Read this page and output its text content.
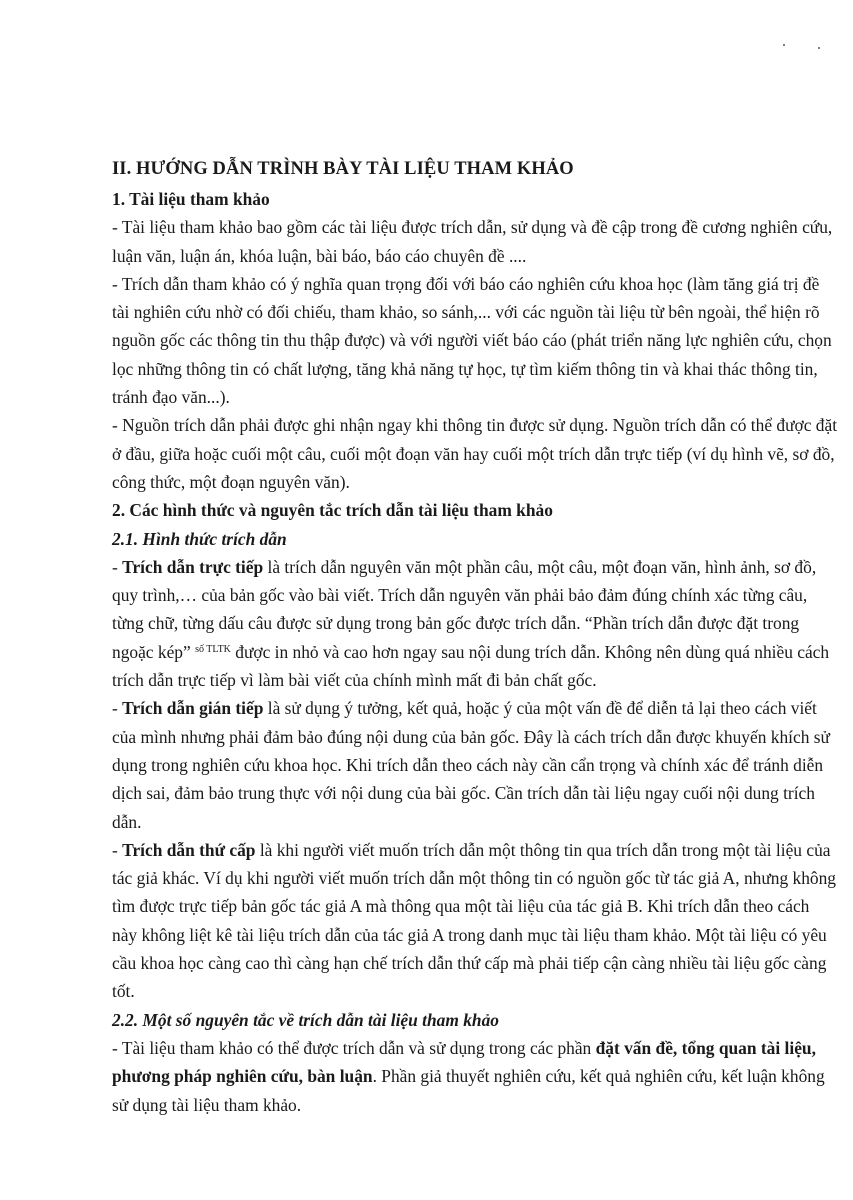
II. HƯỚNG DẪN TRÌNH BÀY TÀI LIỆU THAM KHẢO
1. Tài liệu tham khảo

- Tài liệu tham khảo bao gồm các tài liệu được trích dẫn, sử dụng và đề cập trong đề cương nghiên cứu, luận văn, luận án, khóa luận, bài báo, báo cáo chuyên đề ....

- Trích dẫn tham khảo có ý nghĩa quan trọng đối với báo cáo nghiên cứu khoa học (làm tăng giá trị đề tài nghiên cứu nhờ có đối chiếu, tham khảo, so sánh,... với các nguồn tài liệu từ bên ngoài, thể hiện rõ nguồn gốc các thông tin thu thập được) và với người viết báo cáo (phát triển năng lực nghiên cứu, chọn lọc những thông tin có chất lượng, tăng khả năng tự học, tự tìm kiếm thông tin và khai thác thông tin, tránh đạo văn...).

- Nguồn trích dẫn phải được ghi nhận ngay khi thông tin được sử dụng. Nguồn trích dẫn có thể được đặt ở đầu, giữa hoặc cuối một câu, cuối một đoạn văn hay cuối một trích dẫn trực tiếp (ví dụ hình vẽ, sơ đồ, công thức, một đoạn nguyên văn).

2. Các hình thức và nguyên tắc trích dẫn tài liệu tham khảo
2.1. Hình thức trích dẫn

- Trích dẫn trực tiếp là trích dẫn nguyên văn một phần câu, một câu, một đoạn văn, hình ảnh, sơ đồ, quy trình,… của bản gốc vào bài viết. Trích dẫn nguyên văn phải bảo đảm đúng chính xác từng câu, từng chữ, từng dấu câu được sử dụng trong bản gốc được trích dẫn. “Phần trích dẫn được đặt trong ngoặc kép” $^{số TLTK}$ được in nhỏ và cao hơn ngay sau nội dung trích dẫn. Không nên dùng quá nhiều cách trích dẫn trực tiếp vì làm bài viết của chính mình mất đi bản chất gốc.

- Trích dẫn gián tiếp là sử dụng ý tưởng, kết quả, hoặc ý của một vấn đề để diễn tả lại theo cách viết của mình nhưng phải đảm bảo đúng nội dung của bản gốc. Đây là cách trích dẫn được khuyến khích sử dụng trong nghiên cứu khoa học. Khi trích dẫn theo cách này cần cẩn trọng và chính xác để tránh diễn dịch sai, đảm bảo trung thực với nội dung của bài gốc. Cần trích dẫn tài liệu ngay cuối nội dung trích dẫn.

- Trích dẫn thứ cấp là khi người viết muốn trích dẫn một thông tin qua trích dẫn trong một tài liệu của tác giả khác. Ví dụ khi người viết muốn trích dẫn một thông tin có nguồn gốc từ tác giả A, nhưng không tìm được trực tiếp bản gốc tác giả A mà thông qua một tài liệu của tác giả B. Khi trích dẫn theo cách này không liệt kê tài liệu trích dẫn của tác giả A trong danh mục tài liệu tham khảo. Một tài liệu có yêu cầu khoa học càng cao thì càng hạn chế trích dẫn thứ cấp mà phải tiếp cận càng nhiều tài liệu gốc càng tốt.

2.2. Một số nguyên tắc về trích dẫn tài liệu tham khảo

- Tài liệu tham khảo có thể được trích dẫn và sử dụng trong các phần đặt vấn đề, tổng quan tài liệu, phương pháp nghiên cứu, bàn luận. Phần giả thuyết nghiên cứu, kết quả nghiên cứu, kết luận không sử dụng tài liệu tham khảo.
